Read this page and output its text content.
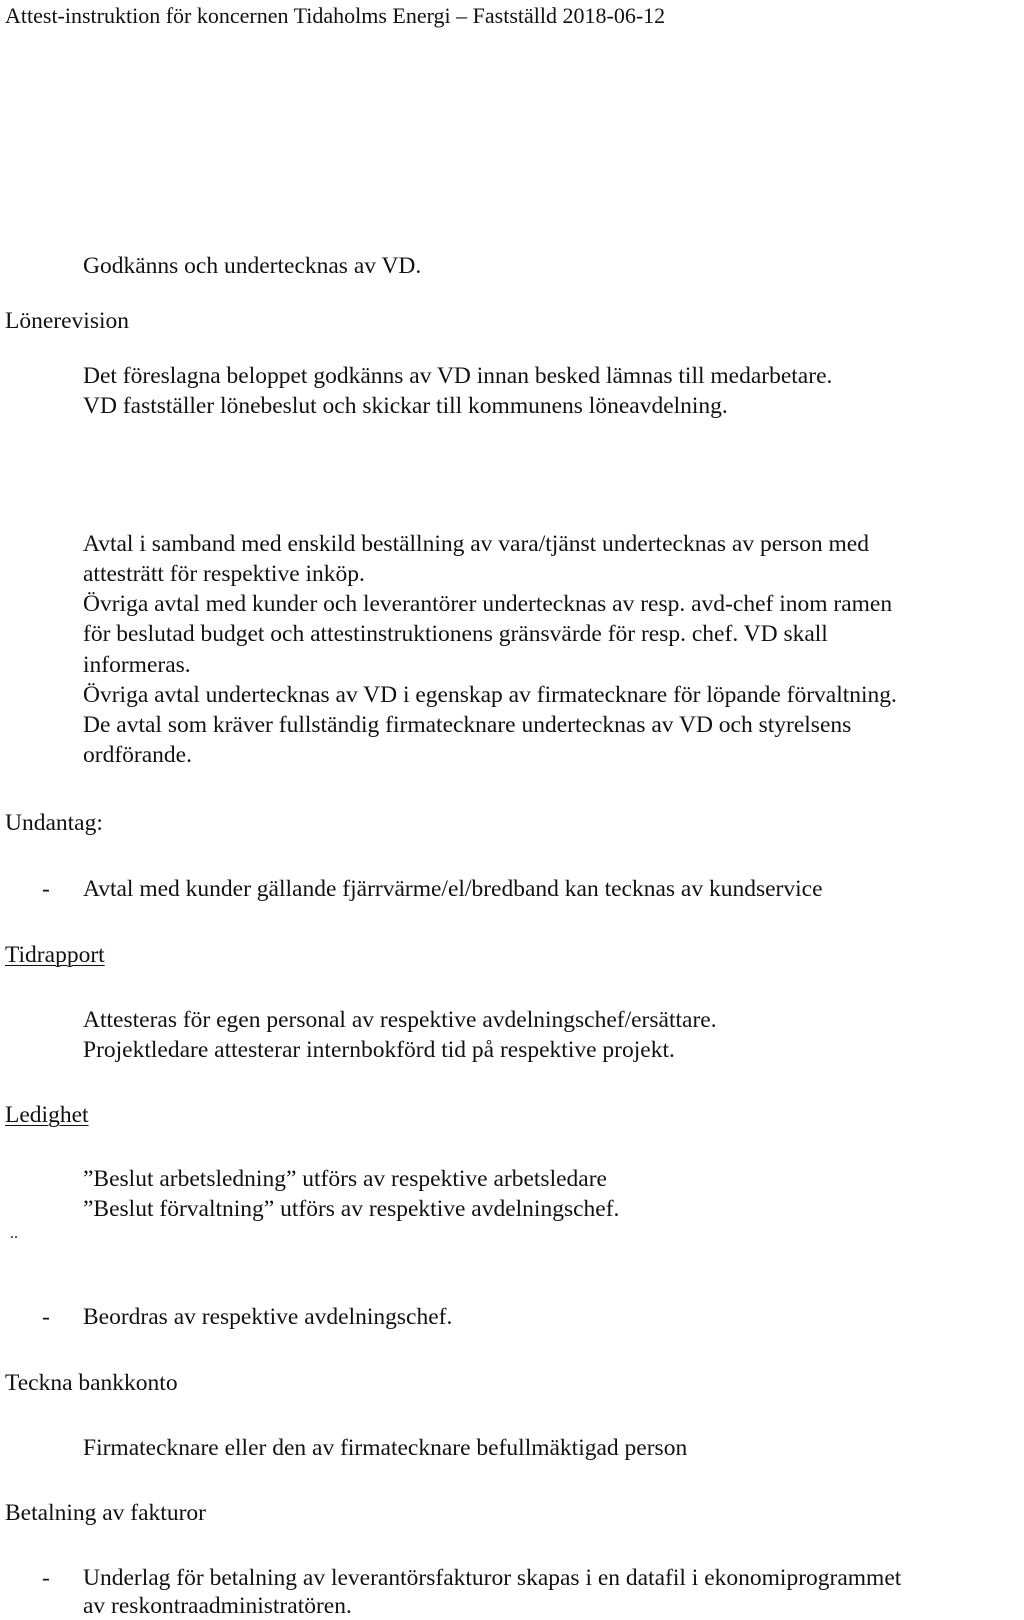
Attest-instruktion för koncernen Tidaholms Energi – Fastställd 2018-06-12
Godkänns och undertecknas av VD.
Lönerevision
Det föreslagna beloppet godkänns av VD innan besked lämnas till medarbetare.
VD fastställer lönebeslut och skickar till kommunens löneavdelning.
Avtal i samband med enskild beställning av vara/tjänst undertecknas av person med
attesträtt för respektive inköp.
Övriga avtal med kunder och leverantörer undertecknas av resp. avd-chef inom ramen
för beslutad budget och attestinstruktionens gränsvärde för resp. chef. VD skall
informeras.
Övriga avtal undertecknas av VD i egenskap av firmatecknare för löpande förvaltning.
De avtal som kräver fullständig firmatecknare undertecknas av VD och styrelsens
ordförande.
Undantag:
- Avtal med kunder gällande fjärrvärme/el/bredband kan tecknas av kundservice
Tidrapport
Attesteras för egen personal av respektive avdelningschef/ersättare.
Projektledare attesterar internbokförd tid på respektive projekt.
Ledighet
”Beslut arbetsledning” utförs av respektive arbetsledare
”Beslut förvaltning” utförs av respektive avdelningschef.
..
- Beordras av respektive avdelningschef.
Teckna bankkonto
Firmatecknare eller den av firmatecknare befullmäktigad person
Betalning av fakturor
- Underlag för betalning av leverantörsfakturor skapas i en datafil i ekonomiprogrammet
av reskontraadministratören.
